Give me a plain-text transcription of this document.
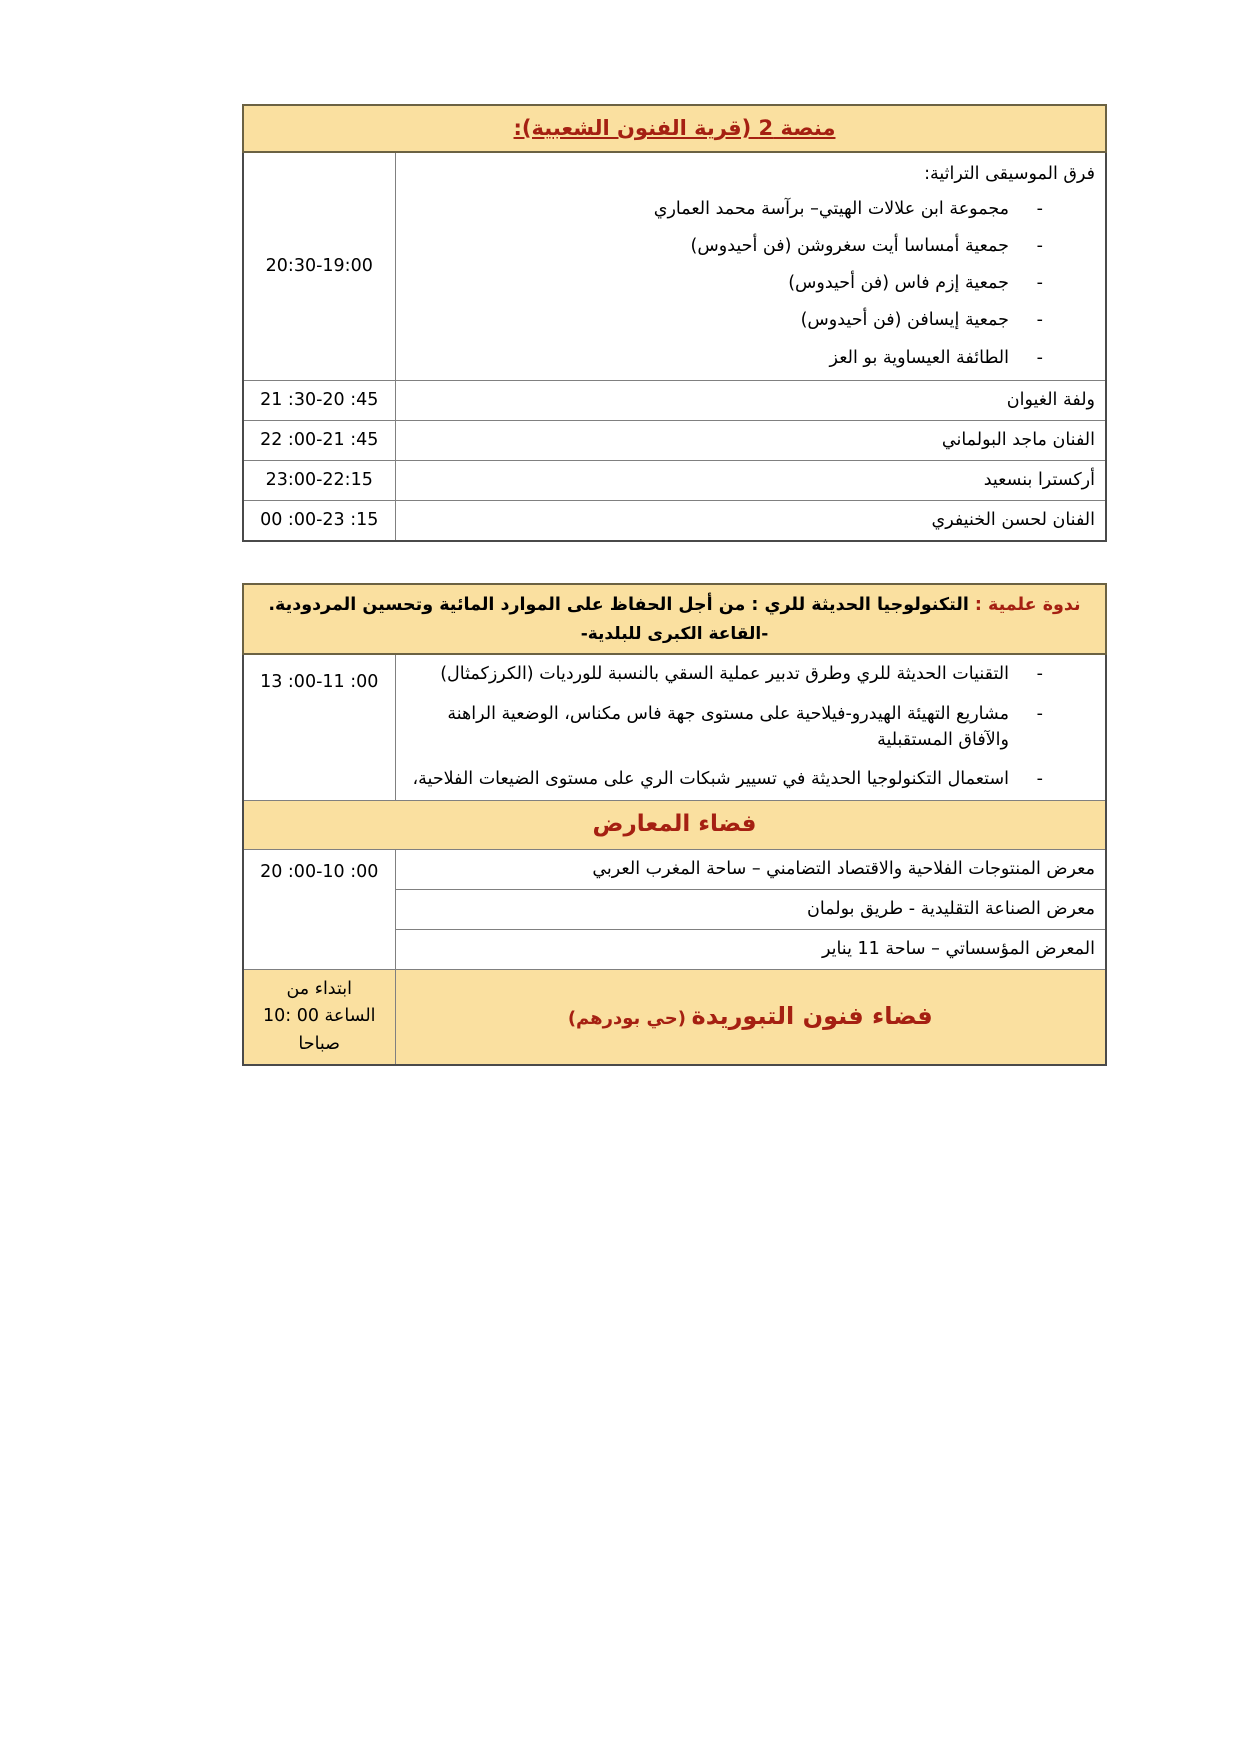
منصة 2 (قرية الفنون الشعبية):	

فرق الموسيقى التراثية:
- مجموعة ابن علالات الهيتي– برآسة محمد العماري
- جمعية أمساسا أيت سغروشن (فن أحيدوس)
- جمعية إزم فاس (فن أحيدوس)
- جمعية إيسافن (فن أحيدوس)
- الطائفة العيساوية بو العز
	20:30-19:00
ولفة الغيوان	21 :30-20 :45
الفنان ماجد البولماني	22 :00-21 :45
أركسترا بنسعيد	23:00-22:15
الفنان لحسن الخنيفري	00 :00-23 :15
ندوة علمية : التكنولوجيا الحديثة للري : من أجل الحفاظ على الموارد المائية وتحسين المردودية.
-القاعة الكبرى للبلدية-	

- التقنيات الحديثة للري وطرق تدبير عملية السقي بالنسبة للورديات (الكرزكمثال)
- مشاريع التهيئة الهيدرو-فيلاحية على مستوى جهة فاس مكناس، الوضعية الراهنة والآفاق المستقبلية
- استعمال التكنولوجيا الحديثة في تسيير شبكات الري على مستوى الضيعات الفلاحية،
	13 :00-11 :00
فضاء المعارض	
معرض المنتوجات الفلاحية والاقتصاد التضامني – ساحة المغرب العربي	20 :00-10 :00
معرض الصناعة التقليدية - طريق بولمان	
المعرض المؤسساتي – ساحة 11 يناير	
فضاء فنون التبوريدة (حي بودرهم)	ابتداء من
الساعة 00 :10
صباحا
